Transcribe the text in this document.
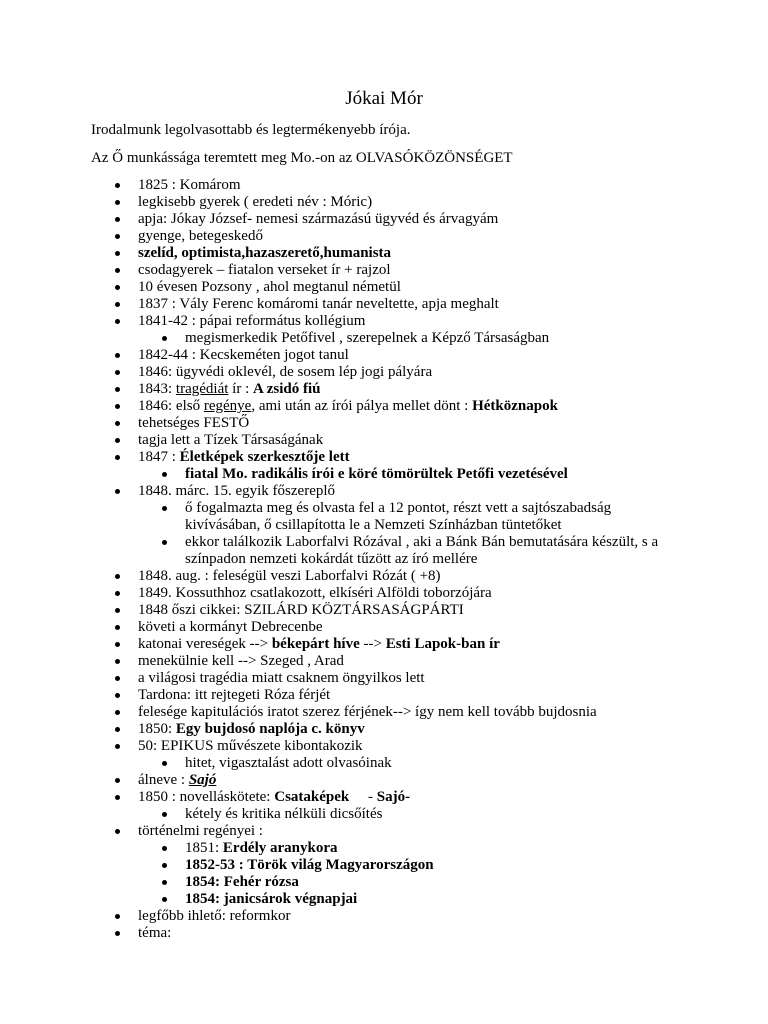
Jókai Mór
Irodalmunk legolvasottabb és legtermékenyebb írója.
Az Ő munkássága teremtett meg Mo.-on az OLVASÓKÖZÖNSÉGET
1825 : Komárom
legkisebb gyerek ( eredeti név : Móric)
apja: Jókay József- nemesi származású ügyvéd és árvagyám
gyenge, betegeskedő
szelíd, optimista,hazaszerető,humanista
csodagyerek – fiatalon verseket ír + rajzol
10 évesen Pozsony , ahol megtanul németül
1837 : Vály Ferenc komáromi tanár neveltette, apja meghalt
1841-42 : pápai református kollégium
megismerkedik Petőfivel , szerepelnek a Képző Társaságban
1842-44 : Kecskeméten jogot tanul
1846: ügyvédi oklevél, de sosem lép jogi pályára
1843: tragédiát ír : A zsidó fiú
1846: első regénye, ami után az írói pálya mellet dönt : Hétköznapok
tehetséges FESTŐ
tagja lett a Tízek Társaságának
1847 : Életképek szerkesztője lett
fiatal Mo. radikális írói e köré tömörültek Petőfi vezetésével
1848. márc. 15. egyik főszereplő
ő fogalmazta meg és olvasta fel a 12 pontot, részt vett a sajtószabadság kivívásában, ő csillapította le a Nemzeti Színházban tüntetőket
ekkor találkozik Laborfalvi Rózával , aki a Bánk Bán bemutatására készült, s a színpadon nemzeti kokárdát tűzött az író mellére
1848. aug. : feleségül veszi Laborfalvi Rózát ( +8)
1849. Kossuthhoz csatlakozott, elkíséri Alföldi toborzójára
1848 őszi cikkei: SZILÁRD KÖZTÁRSASÁGPÁRTI
követi a kormányt Debrecenbe
katonai vereségek --> békepárt híve --> Esti Lapok-ban ír
menekülnie kell --> Szeged , Arad
a világosi tragédia miatt csaknem öngyilkos lett
Tardona: itt rejtegeti Róza férjét
felesége kapitulációs iratot szerez férjének--> így nem kell tovább bujdosnia
1850: Egy bujdosó naplója c. könyv
50: EPIKUS művészete kibontakozik
hitet, vigasztalást adott olvasóinak
álneve : Sajó
1850 : novelláskötete: Csataképek     - Sajó-
kétely és kritika nélküli dicsőítés
történelmi regényei :
1851: Erdély aranykora
1852-53 : Török világ Magyarországon
1854: Fehér rózsa
1854: janicsárok végnapjai
legfőbb ihlető: reformkor
téma:
